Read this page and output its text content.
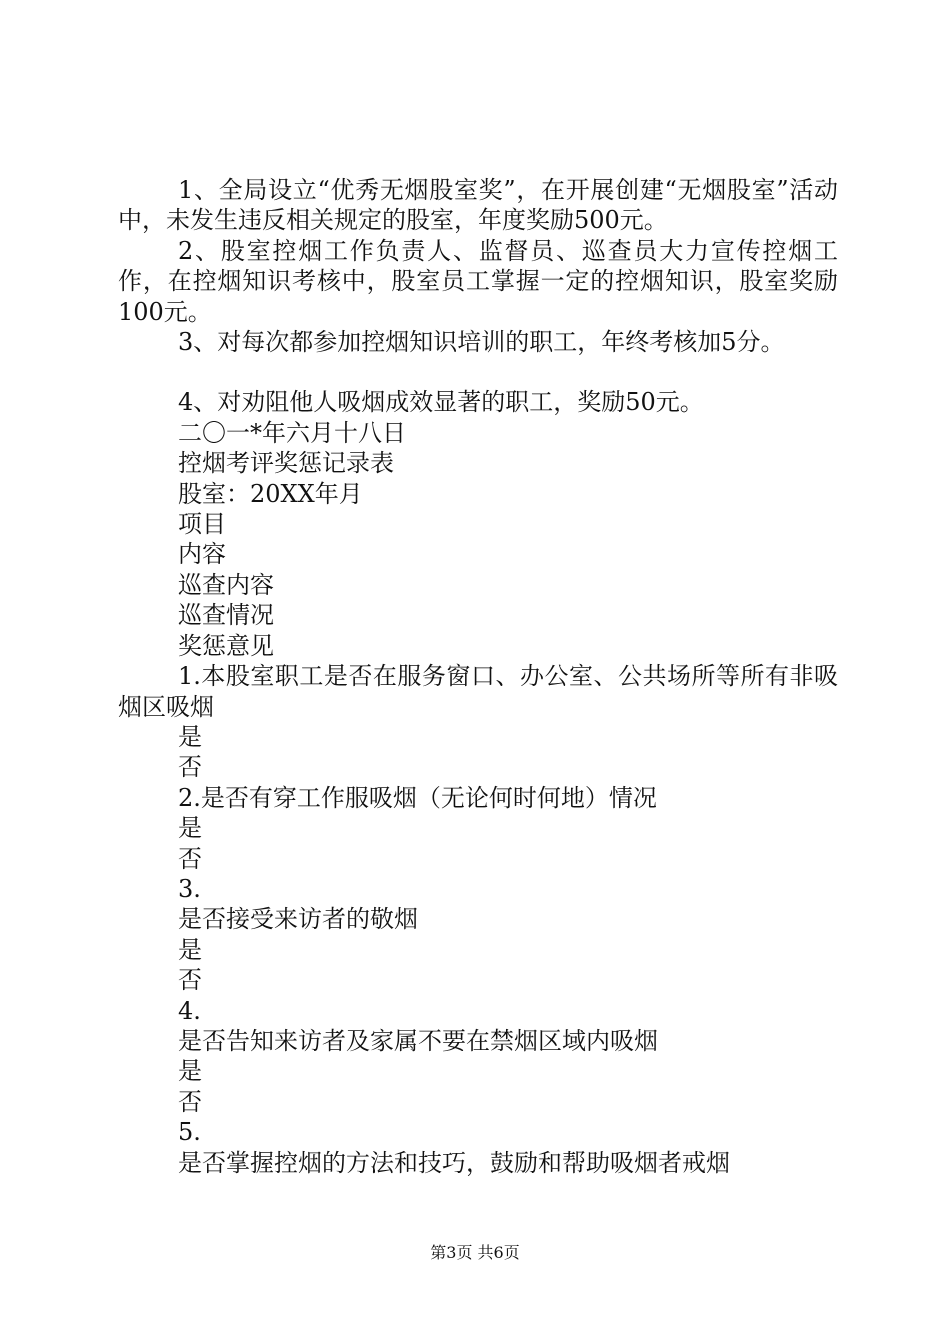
1、全局设立“优秀无烟股室奖”，在开展创建“无烟股室”活动中，未发生违反相关规定的股室，年度奖励500元。

2、股室控烟工作负责人、监督员、巡查员大力宣传控烟工作，在控烟知识考核中，股室员工掌握一定的控烟知识，股室奖励100元。

3、对每次都参加控烟知识培训的职工，年终考核加5分。

4、对劝阻他人吸烟成效显著的职工，奖励50元。

二〇一*年六月十八日

控烟考评奖惩记录表

股室：20XX年月

项目

内容

巡查内容

巡查情况

奖惩意见

1.本股室职工是否在服务窗口、办公室、公共场所等所有非吸烟区吸烟

是

否

2.是否有穿工作服吸烟（无论何时何地）情况

是

否

3.

是否接受来访者的敬烟

是

否

4.

是否告知来访者及家属不要在禁烟区域内吸烟

是

否

5.

是否掌握控烟的方法和技巧，鼓励和帮助吸烟者戒烟

第3页 共6页
